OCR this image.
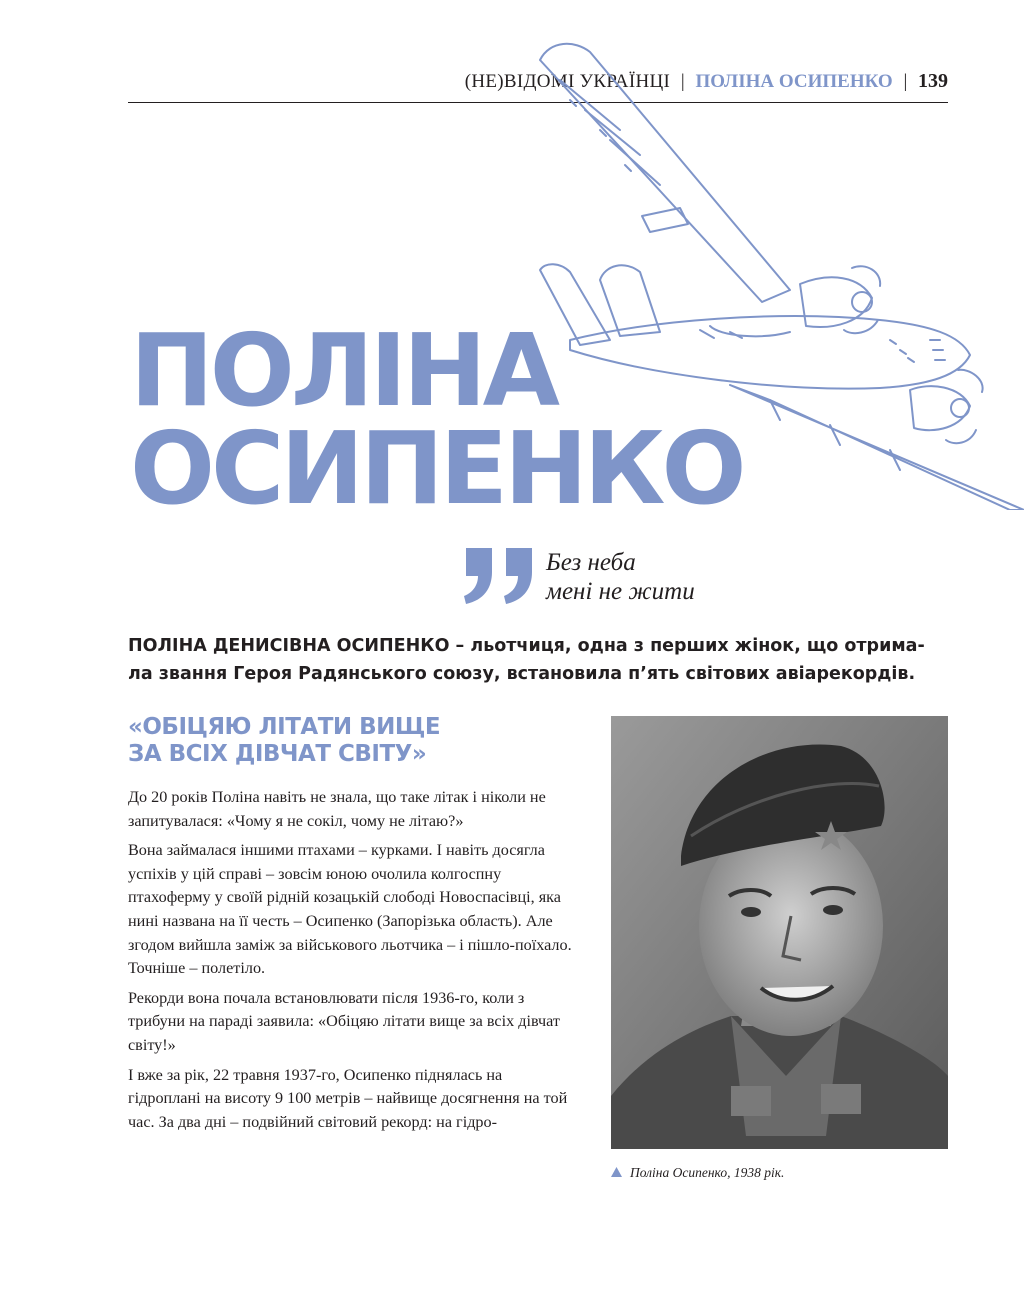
(НЕ)ВІДОМІ УКРАЇНЦІ | ПОЛІНА ОСИПЕНКО | 139
ПОЛІНА
ОСИПЕНКО
Без неба
мені не жити

ПОЛІНА ДЕНИСІВНА ОСИПЕНКО – льотчиця, одна з перших жінок, що отрима-ла звання Героя Радянського союзу, встановила п’ять світових авіарекордів.

«ОБІЦЯЮ ЛІТАТИ ВИЩЕ
ЗА ВСІХ ДІВЧАТ СВІТУ»

До 20 років Поліна навіть не знала, що таке літак і ніколи не запитувалася: «Чому я не сокіл, чому не літаю?»

Вона займалася іншими птахами – курками. І навіть досягла успіхів у цій справі – зовсім юною очолила колгоспну птахоферму у своїй рідній козацькій слободі Новоспасівці, яка нині названа на її честь – Осипенко (Запорізька область). Але згодом вийшла заміж за військового льотчика – і пішло-поїхало. Точніше – полетіло.

Рекорди вона почала встановлювати після 1936-го, коли з трибуни на параді заявила: «Обіцяю літати вище за всіх дівчат світу!»

І вже за рік, 22 травня 1937-го, Осипенко піднялась на гідроплані на висоту 9 100 метрів – найвище досягнення на той час. За два дні – подвійний світовий рекорд: на гідро-

Поліна Осипенко, 1938 рік.
